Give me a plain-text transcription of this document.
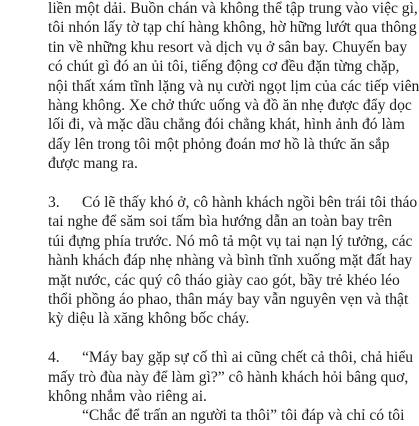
liền một dải. Buồn chán và không thể tập trung vào việc gì,
tôi nhón lấy tờ tạp chí hàng không, hờ hững lướt qua thông
tin về những khu resort và dịch vụ ở sân bay. Chuyến bay
có chút gì đó an ủi tôi, tiếng động cơ đều đặn từng chặp,
nội thất xám tĩnh lặng và nụ cười ngọt lịm của các tiếp viên
hàng không. Xe chở thức uống và đồ ăn nhẹ được đẩy dọc
lối đi, và mặc dầu chẳng đói chẳng khát, hình ảnh đó làm
dấy lên trong tôi một phỏng đoán mơ hồ là thức ăn sắp
được mang ra.
3. Có lẽ thấy khó ở, cô hành khách ngồi bên trái tôi tháo
tai nghe để săm soi tấm bìa hướng dẫn an toàn bay trên
túi đựng phía trước. Nó mô tả một vụ tai nạn lý tưởng, các
hành khách đáp nhẹ nhàng và bình tĩnh xuống mặt đất hay
mặt nước, các quý cô tháo giày cao gót, bầy trẻ khéo léo
thổi phồng áo phao, thân máy bay vẫn nguyên vẹn và thật
kỳ diệu là xăng không bốc cháy.
4. “Máy bay gặp sự cố thì ai cũng chết cả thôi, chả hiểu
mấy trò đùa này để làm gì?” cô hành khách hỏi bâng quơ,
không nhắm vào riêng ai.
“Chắc để trấn an người ta thôi” tôi đáp và chỉ có tôi
